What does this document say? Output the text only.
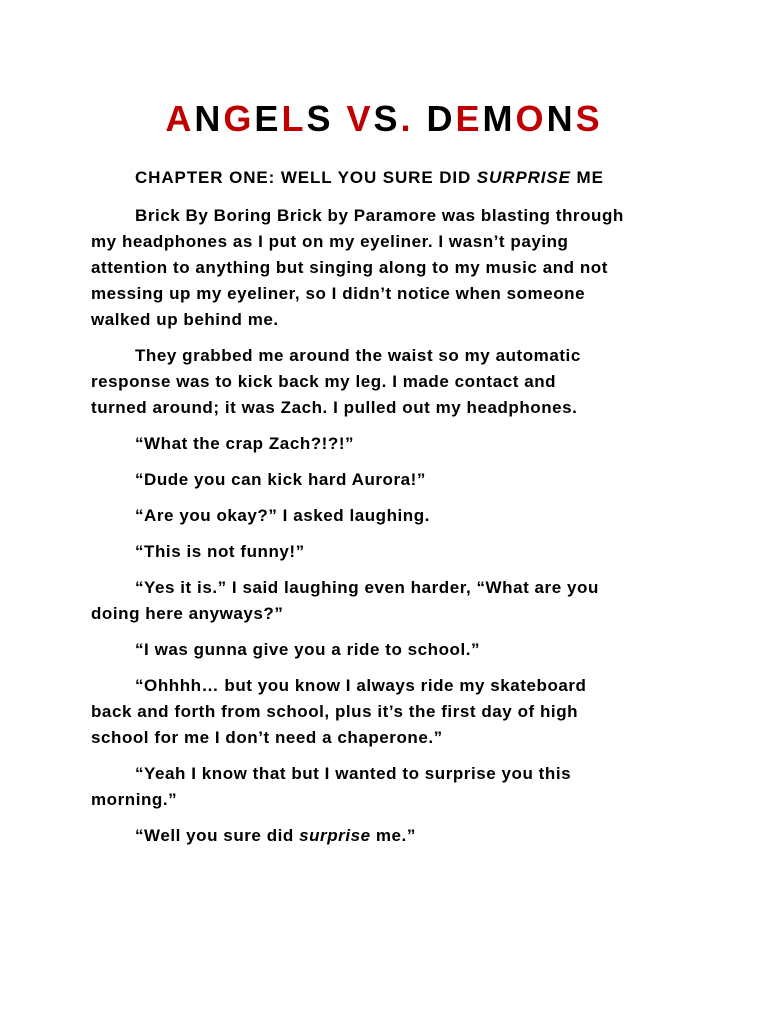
ANGELS VS. DEMONS

CHAPTER ONE: WELL YOU SURE DID SURPRISE ME

Brick By Boring Brick by Paramore was blasting through
my headphones as I put on my eyeliner. I wasn’t paying
attention to anything but singing along to my music and not
messing up my eyeliner, so I didn’t notice when someone
walked up behind me.

They grabbed me around the waist so my automatic
response was to kick back my leg. I made contact and
turned around; it was Zach. I pulled out my headphones.

“What the crap Zach?!?!”

“Dude you can kick hard Aurora!”

“Are you okay?” I asked laughing.

“This is not funny!”

“Yes it is.” I said laughing even harder, “What are you
doing here anyways?”

“I was gunna give you a ride to school.”

“Ohhhh… but you know I always ride my skateboard
back and forth from school, plus it’s the first day of high
school for me I don’t need a chaperone.”

“Yeah I know that but I wanted to surprise you this
morning.”

“Well you sure did surprise me.”
